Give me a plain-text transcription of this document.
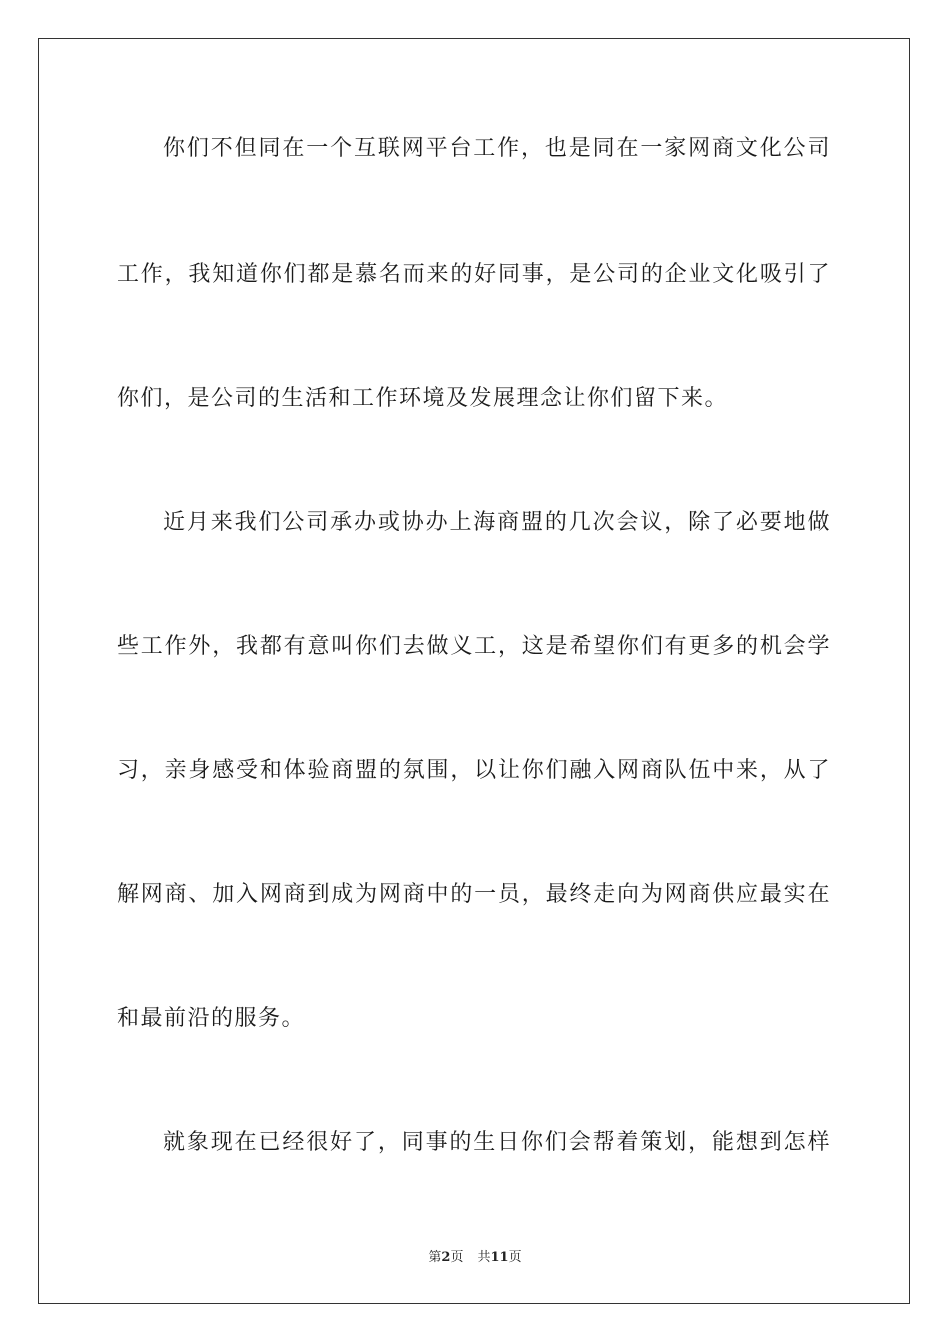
你们不但同在一个互联网平台工作，也是同在一家网商文化公司
工作，我知道你们都是慕名而来的好同事，是公司的企业文化吸引了
你们，是公司的生活和工作环境及发展理念让你们留下来。
近月来我们公司承办或协办上海商盟的几次会议，除了必要地做
些工作外，我都有意叫你们去做义工，这是希望你们有更多的机会学
习，亲身感受和体验商盟的氛围，以让你们融入网商队伍中来，从了
解网商、加入网商到成为网商中的一员，最终走向为网商供应最实在
和最前沿的服务。
就象现在已经很好了，同事的生日你们会帮着策划，能想到怎样
第2页 共11页
